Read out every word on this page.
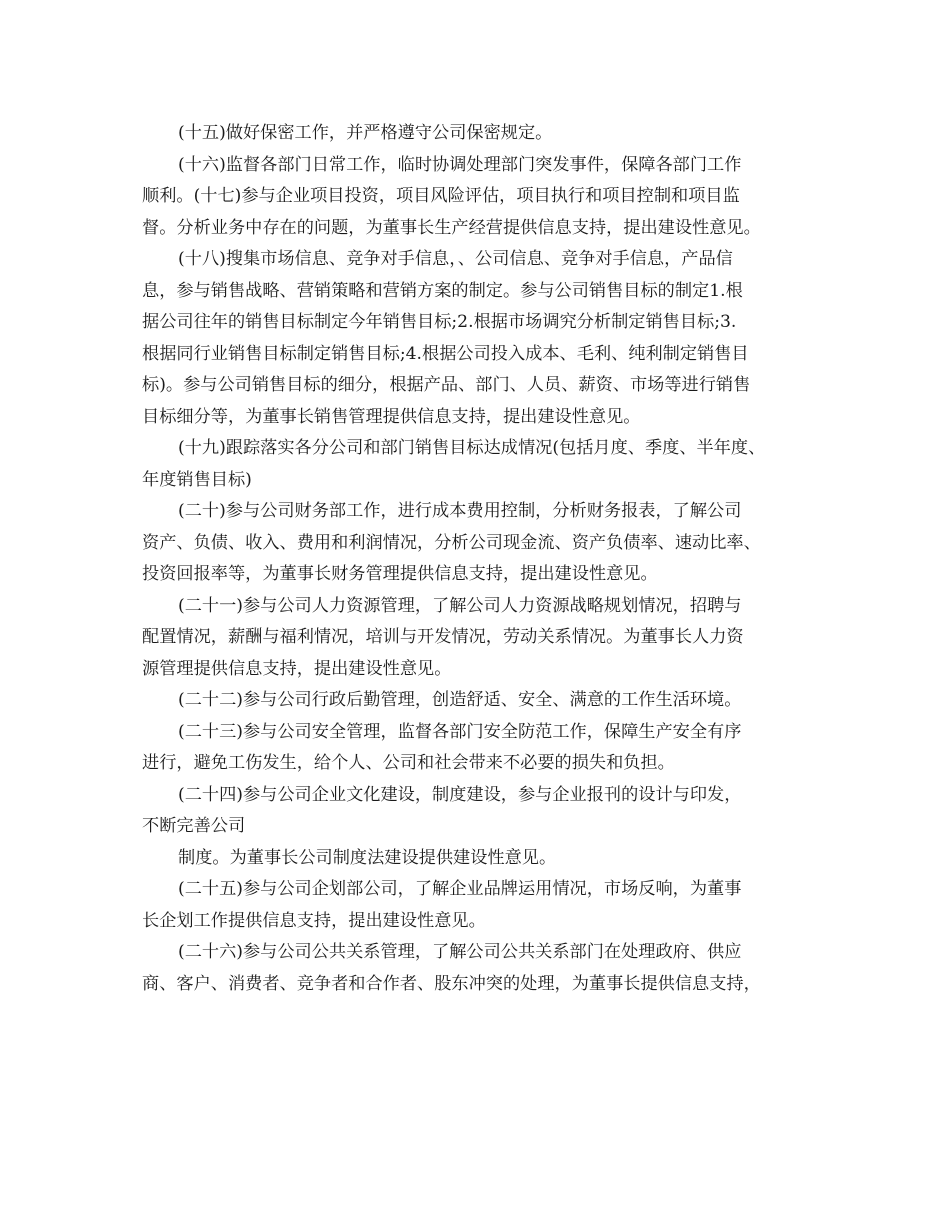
(十五)做好保密工作，并严格遵守公司保密规定。
(十六)监督各部门日常工作，临时协调处理部门突发事件，保障各部门工作
顺利。(十七)参与企业项目投资，项目风险评估，项目执行和项目控制和项目监
督。分析业务中存在的问题，为董事长生产经营提供信息支持，提出建设性意见。
(十八)搜集市场信息、竞争对手信息，、公司信息、竞争对手信息，产品信
息，参与销售战略、营销策略和营销方案的制定。参与公司销售目标的制定1.根
据公司往年的销售目标制定今年销售目标;2.根据市场调究分析制定销售目标;3.
根据同行业销售目标制定销售目标;4.根据公司投入成本、毛利、纯利制定销售目
标)。参与公司销售目标的细分，根据产品、部门、人员、薪资、市场等进行销售
目标细分等，为董事长销售管理提供信息支持，提出建设性意见。
(十九)跟踪落实各分公司和部门销售目标达成情况(包括月度、季度、半年度、
年度销售目标)
(二十)参与公司财务部工作，进行成本费用控制，分析财务报表，了解公司
资产、负债、收入、费用和利润情况，分析公司现金流、资产负债率、速动比率、
投资回报率等，为董事长财务管理提供信息支持，提出建设性意见。
(二十一)参与公司人力资源管理，了解公司人力资源战略规划情况，招聘与
配置情况，薪酬与福利情况，培训与开发情况，劳动关系情况。为董事长人力资
源管理提供信息支持，提出建设性意见。
(二十二)参与公司行政后勤管理，创造舒适、安全、满意的工作生活环境。
(二十三)参与公司安全管理，监督各部门安全防范工作，保障生产安全有序
进行，避免工伤发生，给个人、公司和社会带来不必要的损失和负担。
(二十四)参与公司企业文化建设，制度建设，参与企业报刊的设计与印发，
不断完善公司
制度。为董事长公司制度法建设提供建设性意见。
(二十五)参与公司企划部公司，了解企业品牌运用情况，市场反响，为董事
长企划工作提供信息支持，提出建设性意见。
(二十六)参与公司公共关系管理，了解公司公共关系部门在处理政府、供应
商、客户、消费者、竞争者和合作者、股东冲突的处理，为董事长提供信息支持，
